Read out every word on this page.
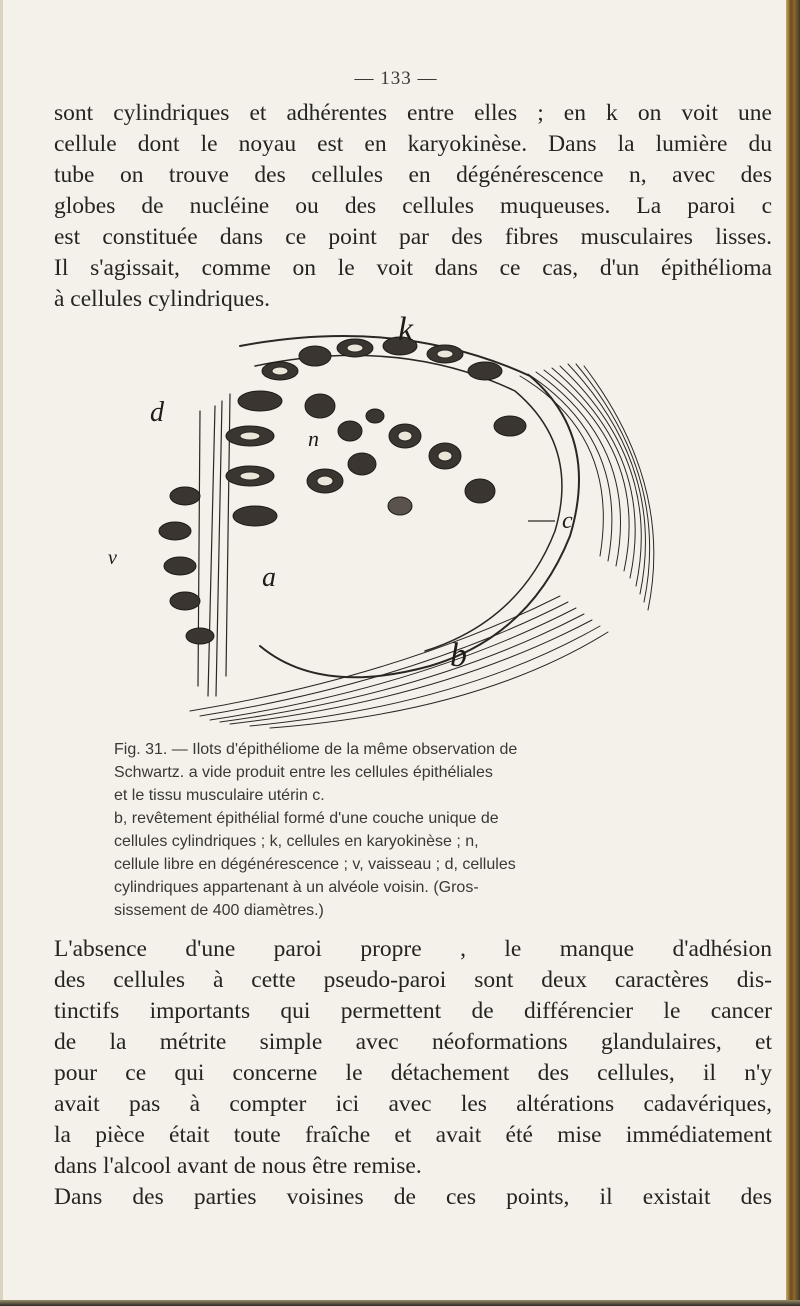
— 133 —

sont cylindriques et adhérentes entre elles ; en k on voit une
cellule dont le noyau est en karyokinèse. Dans la lumière du
tube on trouve des cellules en dégénérescence n, avec des
globes de nucléine ou des cellules muqueuses. La paroi c
est constituée dans ce point par des fibres musculaires lisses.
Il s'agissait, comme on le voit dans ce cas, d'un épithélioma
à cellules cylindriques.

k
d
n
c
v
a
b
Fig. 31. — Ilots d'épithéliome de la même observation de
Schwartz. a vide produit entre les cellules épithéliales
et le tissu musculaire utérin c.
b, revêtement épithélial formé d'une couche unique de
cellules cylindriques ; k, cellules en karyokinèse ; n,
cellule libre en dégénérescence ; v, vaisseau ; d, cellules
cylindriques appartenant à un alvéole voisin. (Gros-
sissement de 400 diamètres.)

L'absence d'une paroi propre , le manque d'adhésion
des cellules à cette pseudo-paroi sont deux caractères dis-
tinctifs importants qui permettent de différencier le cancer
de la métrite simple avec néoformations glandulaires, et
pour ce qui concerne le détachement des cellules, il n'y
avait pas à compter ici avec les altérations cadavériques,
la pièce était toute fraîche et avait été mise immédiatement
dans l'alcool avant de nous être remise.
Dans des parties voisines de ces points, il existait des
